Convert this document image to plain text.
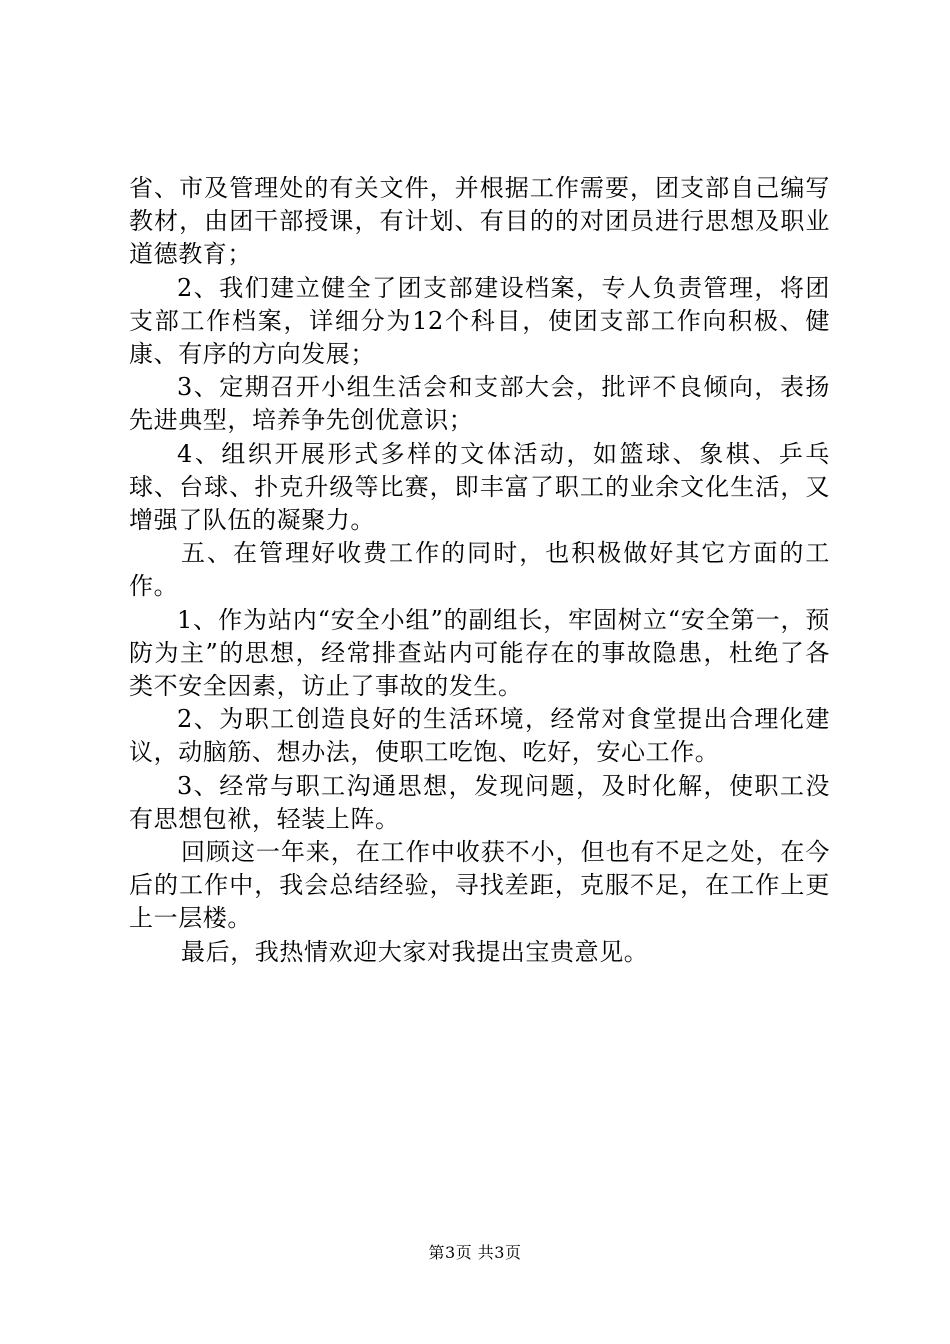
省、市及管理处的有关文件，并根据工作需要，团支部自己编写教材，由团干部授课，有计划、有目的的对团员进行思想及职业道德教育；

2、我们建立健全了团支部建设档案，专人负责管理，将团支部工作档案，详细分为12个科目，使团支部工作向积极、健康、有序的方向发展；

3、定期召开小组生活会和支部大会，批评不良倾向，表扬先进典型，培养争先创优意识；

4、组织开展形式多样的文体活动，如篮球、象棋、乒乓球、台球、扑克升级等比赛，即丰富了职工的业余文化生活，又增强了队伍的凝聚力。

五、在管理好收费工作的同时，也积极做好其它方面的工作。

1、作为站内“安全小组”的副组长，牢固树立“安全第一，预防为主”的思想，经常排查站内可能存在的事故隐患，杜绝了各类不安全因素，访止了事故的发生。

2、为职工创造良好的生活环境，经常对食堂提出合理化建议，动脑筋、想办法，使职工吃饱、吃好，安心工作。

3、经常与职工沟通思想，发现问题，及时化解，使职工没有思想包袱，轻装上阵。

回顾这一年来，在工作中收获不小，但也有不足之处，在今后的工作中，我会总结经验，寻找差距，克服不足，在工作上更上一层楼。

最后，我热情欢迎大家对我提出宝贵意见。

第3页 共3页
